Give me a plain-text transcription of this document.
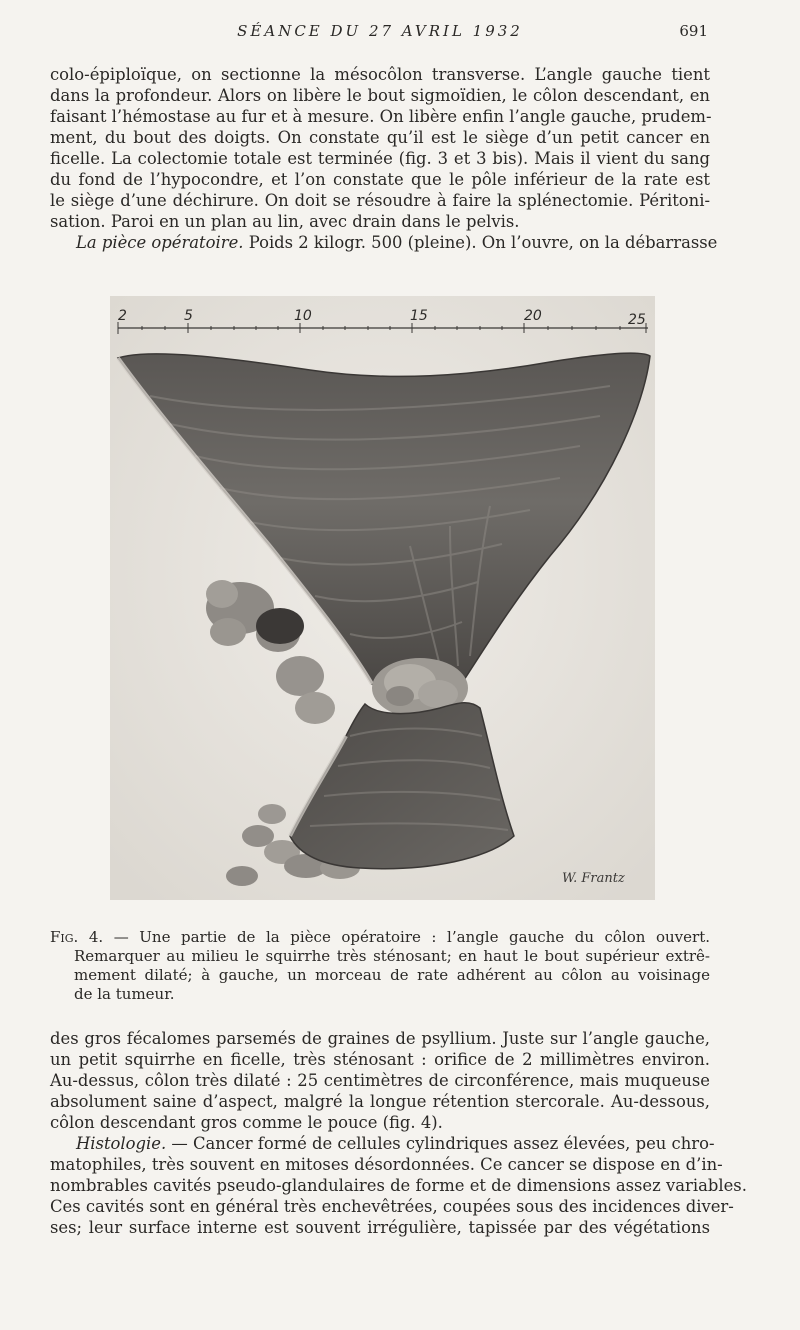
SÉANCE DU 27 AVRIL 1932	691
colo-épiploïque, on sectionne la mésocôlon transverse. L’angle gauche tient
dans la profondeur. Alors on libère le bout sigmoïdien, le côlon descendant, en
faisant l’hémostase au fur et à mesure. On libère enfin l’angle gauche, prudem-
ment, du bout des doigts. On constate qu’il est le siège d’un petit cancer en
ficelle. La colectomie totale est terminée (fig. 3 et 3 bis). Mais il vient du sang
du fond de l’hypocondre, et l’on constate que le pôle inférieur de la rate est
le siège d’une déchirure. On doit se résoudre à faire la splénectomie. Péritoni-
sation. Paroi en un plan au lin, avec drain dans le pelvis.
La pièce opératoire. Poids 2 kilogr. 500 (pleine). On l’ouvre, on la débarrasse
2	5	10	15	20	25
W. Frantz
Fig. 4. — Une partie de la pièce opératoire : l’angle gauche du côlon ouvert.
Remarquer au milieu le squirrhe très sténosant; en haut le bout supérieur extrê-
mement dilaté; à gauche, un morceau de rate adhérent au côlon au voisinage
de la tumeur.
des gros fécalomes parsemés de graines de psyllium. Juste sur l’angle gauche,
un petit squirrhe en ficelle, très sténosant : orifice de 2 millimètres environ.
Au-dessus, côlon très dilaté : 25 centimètres de circonférence, mais muqueuse
absolument saine d’aspect, malgré la longue rétention stercorale. Au-dessous,
côlon descendant gros comme le pouce (fig. 4).
Histologie. — Cancer formé de cellules cylindriques assez élevées, peu chro-
matophiles, très souvent en mitoses désordonnées. Ce cancer se dispose en d’in-
nombrables cavités pseudo-glandulaires de forme et de dimensions assez variables.
Ces cavités sont en général très enchevêtrées, coupées sous des incidences diver-
ses; leur surface interne est souvent irrégulière, tapissée par des végétations
